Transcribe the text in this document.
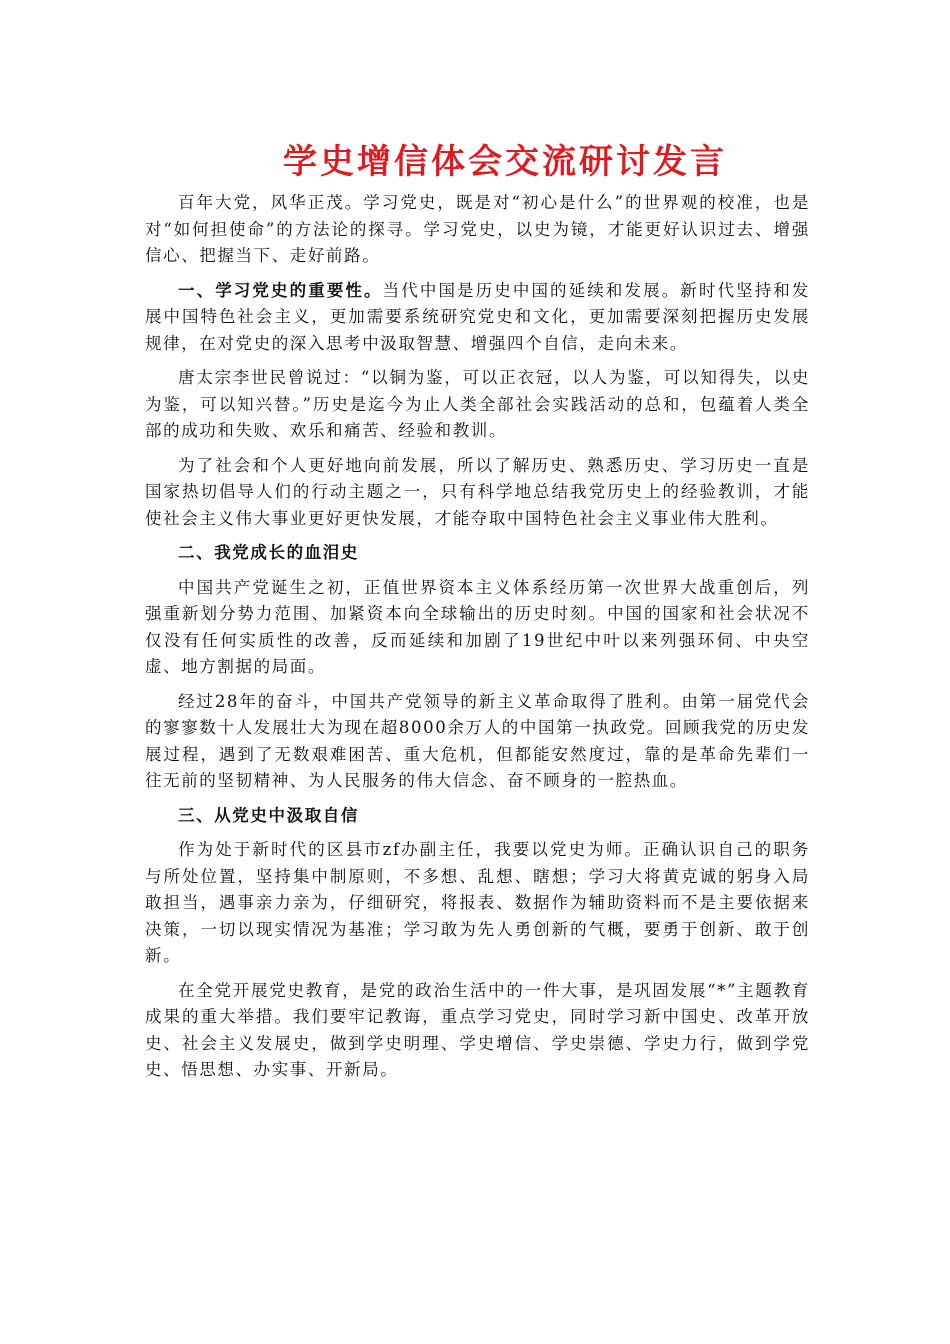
学史增信体会交流研讨发言

百年大党，风华正茂。学习党史，既是对“初心是什么”的世界观的校准，也是对“如何担使命”的方法论的探寻。学习党史，以史为镜，才能更好认识过去、增强信心、把握当下、走好前路。

一、学习党史的重要性。当代中国是历史中国的延续和发展。新时代坚持和发展中国特色社会主义，更加需要系统研究党史和文化，更加需要深刻把握历史发展规律，在对党史的深入思考中汲取智慧、增强四个自信，走向未来。

唐太宗李世民曾说过：“以铜为鉴，可以正衣冠，以人为鉴，可以知得失，以史为鉴，可以知兴替。”历史是迄今为止人类全部社会实践活动的总和，包蕴着人类全部的成功和失败、欢乐和痛苦、经验和教训。

为了社会和个人更好地向前发展，所以了解历史、熟悉历史、学习历史一直是国家热切倡导人们的行动主题之一，只有科学地总结我党历史上的经验教训，才能使社会主义伟大事业更好更快发展，才能夺取中国特色社会主义事业伟大胜利。

二、我党成长的血泪史

中国共产党诞生之初，正值世界资本主义体系经历第一次世界大战重创后，列强重新划分势力范围、加紧资本向全球输出的历史时刻。中国的国家和社会状况不仅没有任何实质性的改善，反而延续和加剧了19世纪中叶以来列强环伺、中央空虚、地方割据的局面。

经过28年的奋斗，中国共产党领导的新主义革命取得了胜利。由第一届党代会的寥寥数十人发展壮大为现在超8000余万人的中国第一执政党。回顾我党的历史发展过程，遇到了无数艰难困苦、重大危机，但都能安然度过，靠的是革命先辈们一往无前的坚韧精神、为人民服务的伟大信念、奋不顾身的一腔热血。

三、从党史中汲取自信

作为处于新时代的区县市zf办副主任，我要以党史为师。正确认识自己的职务与所处位置，坚持集中制原则，不多想、乱想、瞎想；学习大将黄克诚的躬身入局敢担当，遇事亲力亲为，仔细研究，将报表、数据作为辅助资料而不是主要依据来决策，一切以现实情况为基准；学习敢为先人勇创新的气概，要勇于创新、敢于创新。

在全党开展党史教育，是党的政治生活中的一件大事，是巩固发展“*”主题教育成果的重大举措。我们要牢记教诲，重点学习党史，同时学习新中国史、改革开放史、社会主义发展史，做到学史明理、学史增信、学史崇德、学史力行，做到学党史、悟思想、办实事、开新局。
